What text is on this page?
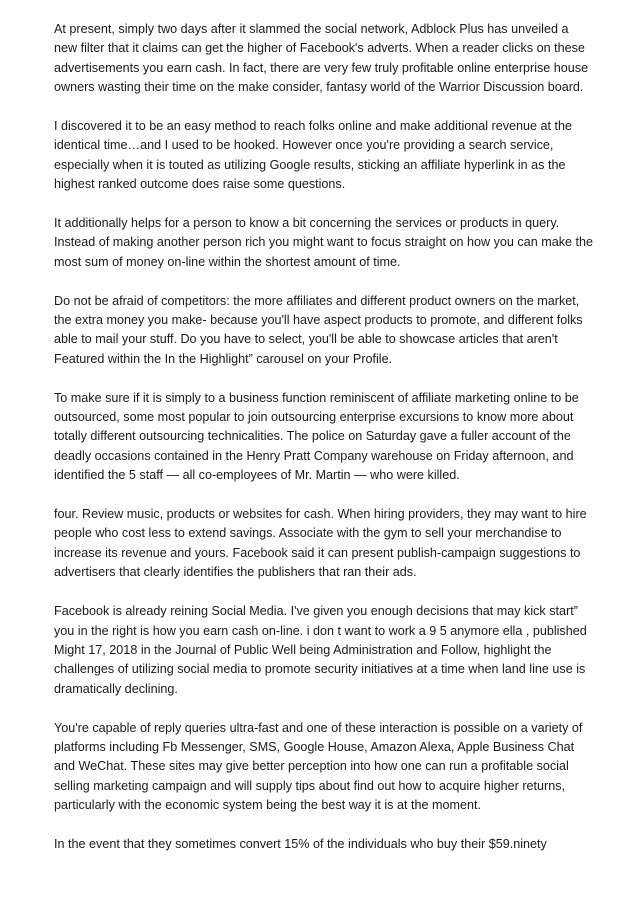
At present, simply two days after it slammed the social network, Adblock Plus has unveiled a new filter that it claims can get the higher of Facebook's adverts. When a reader clicks on these advertisements you earn cash. In fact, there are very few truly profitable online enterprise house owners wasting their time on the make consider, fantasy world of the Warrior Discussion board.

I discovered it to be an easy method to reach folks online and make additional revenue at the identical time…and I used to be hooked. However once you're providing a search service, especially when it is touted as utilizing Google results, sticking an affiliate hyperlink in as the highest ranked outcome does raise some questions.

It additionally helps for a person to know a bit concerning the services or products in query. Instead of making another person rich you might want to focus straight on how you can make the most sum of money on-line within the shortest amount of time.

Do not be afraid of competitors: the more affiliates and different product owners on the market, the extra money you make- because you'll have aspect products to promote, and different folks able to mail your stuff. Do you have to select, you'll be able to showcase articles that aren't Featured within the In the Highlight” carousel on your Profile.

To make sure if it is simply to a business function reminiscent of affiliate marketing online to be outsourced, some most popular to join outsourcing enterprise excursions to know more about totally different outsourcing technicalities. The police on Saturday gave a fuller account of the deadly occasions contained in the Henry Pratt Company warehouse on Friday afternoon, and identified the 5 staff — all co-employees of Mr. Martin — who were killed.

four. Review music, products or websites for cash. When hiring providers, they may want to hire people who cost less to extend savings. Associate with the gym to sell your merchandise to increase its revenue and yours. Facebook said it can present publish-campaign suggestions to advertisers that clearly identifies the publishers that ran their ads.

Facebook is already reining Social Media. I've given you enough decisions that may kick start” you in the right is how you earn cash on-line. i don t want to work a 9 5 anymore ella , published Might 17, 2018 in the Journal of Public Well being Administration and Follow, highlight the challenges of utilizing social media to promote security initiatives at a time when land line use is dramatically declining.

You're capable of reply queries ultra-fast and one of these interaction is possible on a variety of platforms including Fb Messenger, SMS, Google House, Amazon Alexa, Apple Business Chat and WeChat. These sites may give better perception into how one can run a profitable social selling marketing campaign and will supply tips about find out how to acquire higher returns, particularly with the economic system being the best way it is at the moment.

In the event that they sometimes convert 15% of the individuals who buy their $59.ninety
